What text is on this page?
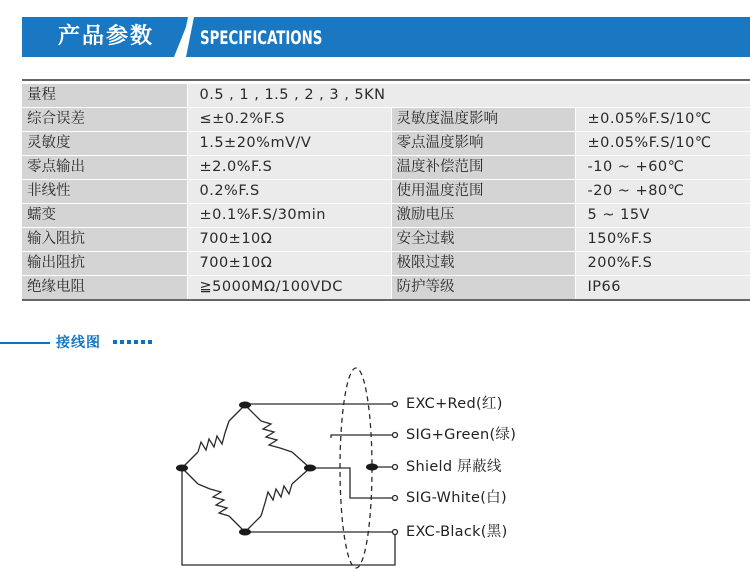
产品参数 SPECIFICATIONS
量程	0.5 , 1 , 1.5 , 2 , 3 , 5KN		
综合误差	≤±0.2%F.S	灵敏度温度影响	±0.05%F.S/10℃
灵敏度	1.5±20%mV/V	零点温度影响	±0.05%F.S/10℃
零点输出	±2.0%F.S	温度补偿范围	-10 ~ +60℃
非线性	0.2%F.S	使用温度范围	-20 ~ +80℃
蠕变	±0.1%F.S/30min	激励电压	5 ~ 15V
输入阻抗	700±10Ω	安全过载	150%F.S
输出阻抗	700±10Ω	极限过载	200%F.S
绝缘电阻	≧5000MΩ/100VDC	防护等级	IP66
接线图
EXC+Red(红)
SIG+Green(绿)
Shield 屏蔽线
SIG-White(白)
EXC-Black(黑)
